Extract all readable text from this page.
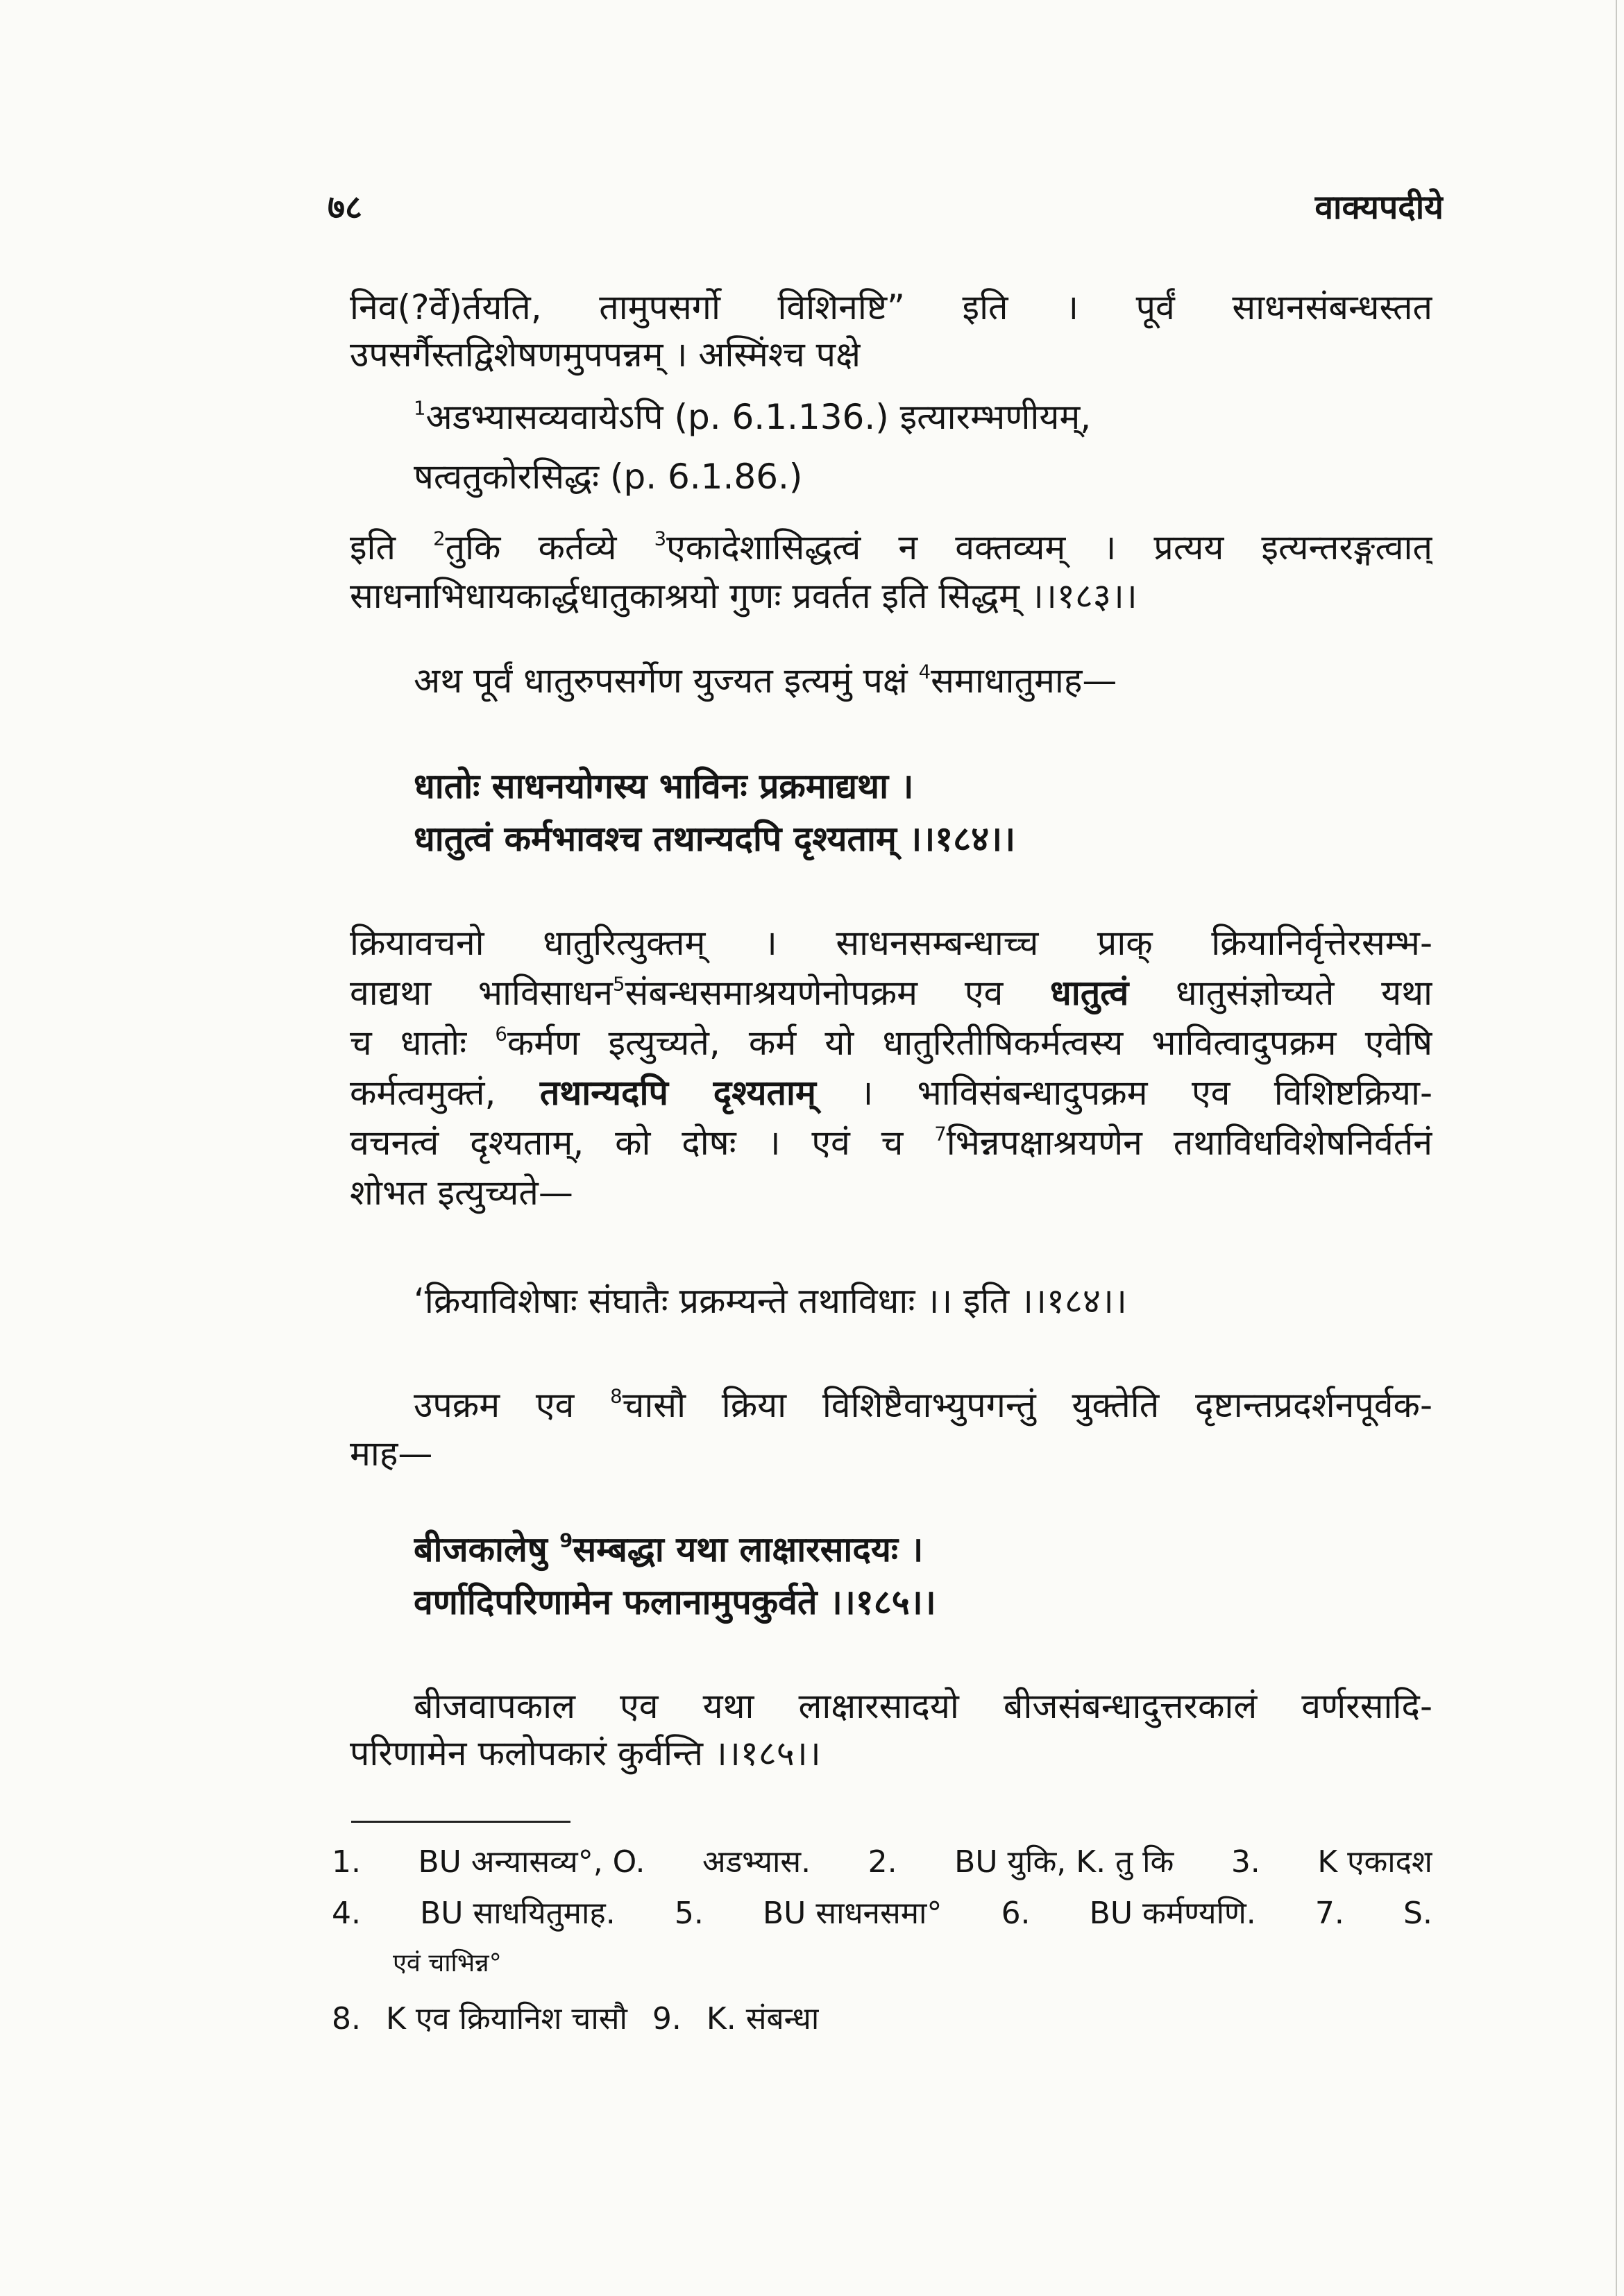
७८	वाक्यपदीये
निव(?र्वे)र्तयति, तामुपसर्गो विशिनष्टि” इति । पूर्वं साधनसंबन्धस्तत
उपसर्गैस्तद्विशेषणमुपपन्नम् । अस्मिंश्च पक्षे
$^1$अडभ्यासव्यवायेऽपि (p. 6.1.136.) इत्यारम्भणीयम्,
षत्वतुकोरसिद्धः (p. 6.1.86.)
इति $^2$तुकि कर्तव्ये $^3$एकादेशासिद्धत्वं न वक्तव्यम् । प्रत्यय इत्यन्तरङ्गत्वात्
साधनाभिधायकार्द्धधातुकाश्रयो गुणः प्रवर्तत इति सिद्धम् ।।१८३।।
अथ पूर्वं धातुरुपसर्गेण युज्यत इत्यमुं पक्षं $^4$समाधातुमाह—
धातोः साधनयोगस्य भाविनः प्रक्रमाद्यथा ।
धातुत्वं कर्मभावश्च तथान्यदपि दृश्यताम् ।।१८४।।
क्रियावचनो धातुरित्युक्तम् । साधनसम्बन्धाच्च प्राक् क्रियानिर्वृत्तेरसम्भ-
वाद्यथा भाविसाधन$^5$संबन्धसमाश्रयणेनोपक्रम एव धातुत्वं धातुसंज्ञोच्यते यथा
च धातोः $^6$कर्मण इत्युच्यते, कर्म यो धातुरितीषिकर्मत्वस्य भावित्वादुपक्रम एवेषि
कर्मत्वमुक्तं, तथान्यदपि दृश्यताम् । भाविसंबन्धादुपक्रम एव विशिष्टक्रिया-
वचनत्वं दृश्यताम्, को दोषः । एवं च $^7$भिन्नपक्षाश्रयणेन तथाविधविशेषनिर्वर्तनं
शोभत इत्युच्यते—
‘क्रियाविशेषाः संघातैः प्रक्रम्यन्ते तथाविधाः ।। इति ।।१८४।।
उपक्रम एव $^8$चासौ क्रिया विशिष्टैवाभ्युपगन्तुं युक्तेति दृष्टान्तप्रदर्शनपूर्वक-
माह—
बीजकालेषु $^9$सम्बद्धा यथा लाक्षारसादयः ।
वर्णादिपरिणामेन फलानामुपकुर्वते ।।१८५।।
बीजवापकाल एव यथा लाक्षारसादयो बीजसंबन्धादुत्तरकालं वर्णरसादि-
परिणामेन फलोपकारं कुर्वन्ति ।।१८५।।
1. BU अन्यासव्य°, O. अडभ्यास. 2. BU युकि, K. तु कि 3. K एकादश
4. BU साधयितुमाह. 5. BU साधनसमा° 6. BU कर्मण्यणि. 7. S.
एवं चाभिन्न°
8. K एव क्रियानिश चासौ 9. K. संबन्धा
